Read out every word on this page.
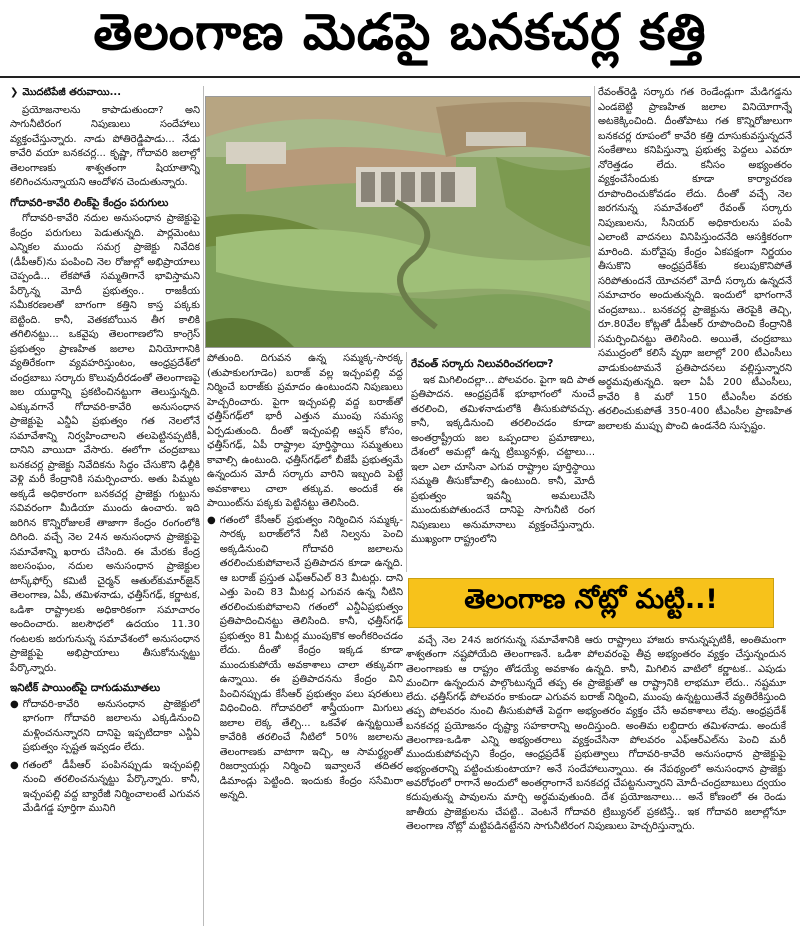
తెలంగాణ మెడపై బనకచర్ల కత్తి
❯ మొదటిపేజీ తరువాయి...

ప్రయోజనాలను కాపాడుతుందా? అని సాగునీటిరంగ నిపుణులు సందేహాలు వ్యక్తంచేస్తున్నారు. నాడు పోతిరెడ్డిపాడు... నేడు కావేరి వయా బనకచర్ల... కృష్ణా, గోదావరి జలాల్లో తెలంగాణకు శాశ్వతంగా షియాతాన్ని కలిగించనున్నాయని ఆందోళన చెందుతున్నారు.

గోదావరి-కావేరి లింక్‌పై కేంద్రం పరుగులు

గోదావరి-కావేరి నదుల అనుసంధాన ప్రాజెక్టుపై కేంద్రం పరుగులు పెడుతున్నది. పార్లమెంటు ఎన్నికల ముందు సమగ్ర ప్రాజెక్టు నివేదిక (డీపీఆర్)ను పంపించి నెల రోజుల్లో అభిప్రాయాలు చెప్పండి... లేకపోతే సమ్మతిగానే భావిస్తామని పేర్కొన్న మోదీ ప్రభుత్వం.. రాజకీయ సమీకరణలతో బాగంగా కత్తిని కాస్త పక్కకు బెట్టింది. కానీ, వెతకబోయిన తీగ కాలికి తగిలినట్టు... ఒకవైపు తెలంగాణలోని కాంగ్రెస్ ప్రభుత్వం ప్రాణహిత జలాల వినియోగానికి వ్యతిరేకంగా వ్యవహరిస్తుంటం, ఆంధ్రప్రదేశ్‌లో చంద్రబాబు సర్కారు కొలువుదీరడంతో తెలంగాణపై జల యుద్ధాన్ని ప్రకటించినట్టుగా తెలుస్తున్నది. ఎక్కువగానే గోదావరి-కావేరి అనుసంధాన ప్రాజెక్టుపై ఎన్డీఏ ప్రభుత్వం గత నెలలోనే సమావేశాన్ని నిర్వహించాలని తలపెట్టినప్పటికీ, దానిని వాయిదా వేసారు. ఈలోగా చంద్రబాబు బనకచర్ల ప్రాజెక్టు నివేదికను సిద్ధం చేసుకొని ఢిల్లీకి వెళ్లి మరీ కేంద్రానికి సమర్పించారు. అతు పిమ్మట అక్కడే అధికారంగా బనకచర్ల ప్రాజెక్టు గుట్టును సవివరంగా మీడియా ముందు ఉంచారు. ఇది జరిగిన కొన్నిరోజులకే తాజాగా కేంద్రం రంగంలోకి దిగింది. వచ్చే నెల 24న అనుసంధాన ప్రాజెక్టుపై సమావేశాన్ని ఖరారు చేసింది. ఈ మేరకు కేంద్ర జలసంఘం, నదుల అనుసంధాన ప్రాజెక్టుల టాస్క్‌ఫోర్స్ కమిటీ చైర్మన్ ఆతుల్‌కుమార్‌జైన్ తెలంగాణ, ఏపీ, తమిళనాడు, ఛత్తీస్‌గఢ్, కర్ణాటక, ఒడిశా రాష్ట్రాలకు అధికారికంగా సమాచారం అందించారు. జలసౌధలో ఉదయం 11.30 గంటలకు జరుగునున్న సమావేశంలో అనుసంధాన ప్రాజెక్టుపై అభిప్రాయాలు తీసుకోనున్నట్టు పేర్కొన్నారు.

ఇనిటీక్ పాయింట్‌పై దాగుడుమూతలు

● గోదావరి-కావేరి అనుసంధాన ప్రాజెక్టులో భాగంగా గోదావరి జలాలను ఎక్కడినుంచి మళ్లించనున్నారని దానిపై ఇప్పటిదాకా ఎన్డీఏ ప్రభుత్వం స్పష్టత ఇవ్వడం లేదు.
● గతంలో డీపీఆర్ పంపినప్పుడు ఇచ్చంపల్లి నుంచి తరలించనున్నట్టు పేర్కొన్నారు. కానీ, ఇచ్చంపల్లి వద్ద బ్యారేజీ నిర్మించాలంటే ఎగువన మేడిగడ్డ పూర్తిగా మునిగి

పోతుంది. దిగువన ఉన్న సమ్మక్క-సారక్క (తుపాకులగూడెం) బరాజ్ వల్ల ఇచ్చంపల్లి వద్ద నిర్మించే బరాజ్‌కు ప్రమాదం ఉంటుందని నిపుణులు హెచ్చరించారు. పైగా ఇచ్చంపల్లి వద్ద బరాజ్‌తో ఛత్తీస్‌గఢ్‌లో భారీ ఎత్తున ముంపు సమస్య ఏర్పడుతుంది. దీంతో ఇచ్చంపల్లి ఆప్షన్ కోసం, ఛత్తీస్‌గఢ్, ఏపీ రాష్ట్రాల పూర్తిస్థాయి సమ్మతులు కావాల్సి ఉంటుంది. ఛత్తీస్‌గఢ్‌లో బీజేపీ ప్రభుత్వమే ఉన్నందున మోదీ సర్కారు వారిని ఇబ్బంది పెట్టే అవకాశాలు చాలా తక్కువ. అందుకే ఈ పాయింట్‌ను పక్కకు పెట్టినట్టు తెలిసింది.

● గతంలో కేసీఆర్ ప్రభుత్వం నిర్మించిన సమ్మక్క-సారక్క బరాజ్‌లోనే నీటి నిల్వను పెంచి అక్కడినుంచి గోదావరి జలాలను తరలించుకుపోవాలనే ప్రతిపాదన కూడా ఉన్నది. ఆ బరాజ్ ప్రస్తుత ఎఫ్‌ఆర్‌ఎల్ 83 మీటర్లు. దాని ఎత్తు పెంచి 83 మీటర్ల ఎగువన ఉన్న నీటిని తరలించుకుపోవాలని గతంలో ఎన్డీఏప్రభుత్వం ప్రతిపాదించినట్టు తెలిసింది. కానీ, ఛత్తీస్‌గఢ్ ప్రభుత్వం 81 మీటర్ల ముంపుకొక అంగీకరించడం లేదు. దీంతో కేంద్రం ఇక్కడ కూడా ముందుకుపోయే అవకాశాలు చాలా తక్కువగా ఉన్నాయి. ఈ ప్రతిపాదనను కేంద్రం విని పించినప్పుడు కేసీఆర్ ప్రభుత్వం పలు షరతులు విధించింది. గోదావరిలో శాస్త్రీయంగా మిగులు జలాల లెక్క తేల్చి... ఒకవేళ ఉన్నట్టయితే కావేరికి తరలించే నీటిలో 50% జలాలను తెలంగాణకు వాటాగా ఇచ్చి, ఆ సామర్థ్యంతో రిజర్వాయర్లు నిర్మించి ఇవ్వాలనే తదితర డిమాండ్లు పెట్టింది. ఇందుకు కేంద్రం ససేమిరా అన్నది.

రేవంత్ సర్కారు నిలువరించగలదా?

ఇక మిగిలిందల్లా... పోలవరం. పైగా ఇది పాత ప్రతిపాదన. ఆంధ్రప్రదేశ్ భూభాగంలో నుంచే తరలించి, తమిళనాడులోకి తీసుకుపోవచ్చు. కానీ, ఇక్కడినుంచి తరలించడం కూడా అంతర్రాష్ట్రీయ జల ఒప్పందాల ప్రమాణాలు, దేశంలో అమల్లో ఉన్న ట్రిబ్యునళ్లు, చట్టాలు... ఇలా ఎలా చూసినా ఎగువ రాష్ట్రాల పూర్తిస్థాయి సమ్మతి తీసుకోవాల్సి ఉంటుంది. కానీ, మోదీ ప్రభుత్వం ఇవన్నీ అమలుచేసి ముందుకుపోతుందనే దానిపై సాగునీటి రంగ నిపుణులు అనుమానాలు వ్యక్తంచేస్తున్నారు. ముఖ్యంగా రాష్ట్రంలోని

రేవంత్‌రెడ్డి సర్కారు గత రెండేండ్లుగా మేడిగడ్డను ఎండబెట్టి ప్రాణహిత జలాల వినియోగాన్నే అటకెక్కించింది. దీంతోపాటు గత కొన్నిరోజులుగా బనకచర్ల రూపంలో కావేరి కత్తి దూసుకువస్తున్నదనే సంకేతాలు కనిపిస్తున్నా ప్రభుత్వ పెద్దలు ఎవరూ నోరెత్తడం లేదు. కనీసం అభ్యంతరం వ్యక్తంచేసేందుకు కూడా కార్యాచరణ రూపొందించుకోవడం లేదు. దీంతో వచ్చే నెల జరగనున్న సమావేశంలో రేవంత్ సర్కారు నిపుణులను, సీనియర్ అధికారులను పంపి ఎలాంటి వాదనలు వినిపిస్తుందనేది ఆసక్తికరంగా మారింది. మరోవైపు కేంద్రం ఏకపక్షంగా నిర్ణయం తీసుకొని ఆంధ్రప్రదేశ్‌కు కలుపుకొనిపోతే సరిపోతుందనే యోచనలో మోదీ సర్కారు ఉన్నదనే సమాచారం అందుతున్నది. ఇందులో భాగంగానే చంద్రబాబు.. బనకచర్ల ప్రాజెక్టును తెరపైకి తెచ్చి, రూ.80వేల కోట్లతో డీపీఆర్ రూపొందించి కేంద్రానికి సమర్పించినట్టు తెలిసింది. అయితే, చంద్రబాబు సముద్రంలో కలిసే వృథా జలాల్లో 200 టీఎంసీలు వాడుకుంటామనే ప్రతిపాదనలు వల్లిస్తున్నారని అర్థమవుతున్నది. ఇలా ఏపీ 200 టీఎంసీలు, కావేరి కి మరో 150 టీఎంసీల వరకు తరలించుకుపోతే 350-400 టీఎంసీల ప్రాణహిత జలాలకు ముప్పు పొంచి ఉండనేది సుస్పష్టం.

తెలంగాణ నోట్లో మట్టి..!

వచ్చే నెల 24న జరగనున్న సమావేశానికి ఆరు రాష్ట్రాలు హాజరు కానున్నప్పటికీ, అంతిమంగా శాశ్వతంగా నష్టపోయేది తెలంగాణనే. ఒడిశా పోలవరంపై తీవ్ర అభ్యంతరం వ్యక్తం చేస్తున్నందున తెలంగాణకు ఆ రాష్ట్రం తోడయ్యే అవకాశం ఉన్నది. కానీ, మిగిలిన వాటిలో కర్ణాటక.. ఎపుడు మంచిగా ఉన్నందున పాల్గొంటున్నదే తప్ప ఈ ప్రాజెక్టుతో ఆ రాష్ట్రానికి లాభమూ లేదు.. నష్టమూ లేదు. ఛత్తీస్‌గఢ్ పోలవరం కాకుండా ఎగువన బరాజ్ నిర్మించి, ముంపు ఉన్నట్టయితేనే వ్యతిరేకిస్తుంది తప్ప పోలవరం నుంచి తీసుకుపోతే పెద్దగా అభ్యంతరం వ్యక్తం చేసే అవకాశాలు లేవు. ఆంధ్రప్రదేశ్ బనకచర్ల ప్రయోజనం దృష్ట్యా సహకారాన్ని అందిస్తుంది. అంతిమ లబ్ధిదారు తమిళనాడు. అందుకే తెలంగాణ-ఒడిశా ఎన్ని అభ్యంతరాలు వ్యక్తంచేసినా పోలవరం ఎఫ్‌ఆర్‌ఎల్‌ను పెంచి మరీ ముందుకుపోవచ్చని కేంద్రం, ఆంధ్రప్రదేశ్ ప్రభుత్వాలు గోదావరి-కావేరి అనుసంధాన ప్రాజెక్టుపై అభ్యంతరాన్ని పట్టించుకుంటాయా? అనే సందేహాలున్నాయి. ఈ నేపథ్యంలో అనుసంధాన ప్రాజెక్టు అవరోధంలో రాగానే అందులో అంతర్గాంగానే బనకచర్ల చేపట్టనున్నారని మోదీ-చంద్రబాబులు ద్వయం కదుపుతున్న పావులను మార్చి అర్థమవుతుంది. దేశ ప్రయోజనాలు... అనే కోణంలో ఈ రెండు జాతీయ ప్రాజెక్టులను చేపట్టి.. వెంటనే గోదావరి ట్రిబ్యునల్ ప్రకటిస్తే.. ఇక గోదావరి జలాల్లోనూ తెలంగాణ నోట్లో మట్టిపడినట్టేనని సాగునీటిరంగ నిపుణులు హెచ్చరిస్తున్నారు.
